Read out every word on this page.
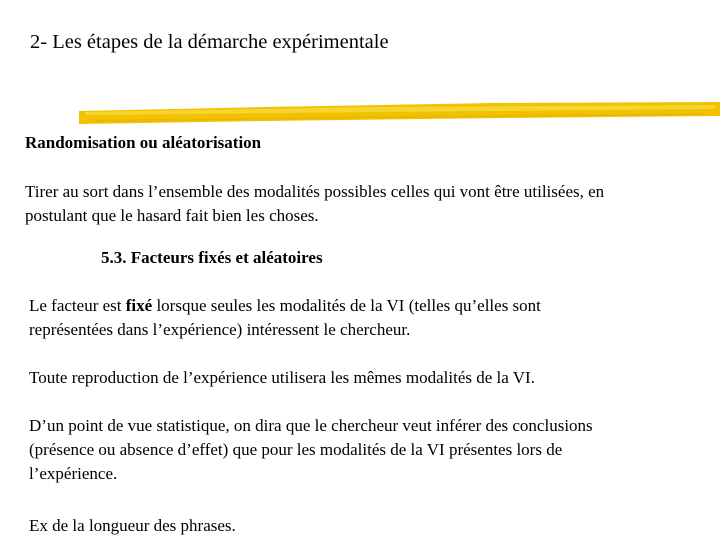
2- Les étapes de la démarche expérimentale
Randomisation ou aléatorisation
Tirer au sort dans l’ensemble des modalités possibles celles qui vont être utilisées, en
postulant que le hasard fait bien les choses.
5.3. Facteurs fixés et aléatoires
Le facteur est fixé lorsque seules les modalités de la VI (telles qu’elles sont
représentées dans l’expérience) intéressent le chercheur.
Toute reproduction de l’expérience utilisera les mêmes modalités de la VI.
D’un point de vue statistique, on dira que le chercheur veut inférer des conclusions
(présence ou absence d’effet) que pour les modalités de la VI présentes lors de
l’expérience.
Ex de la longueur des phrases.
